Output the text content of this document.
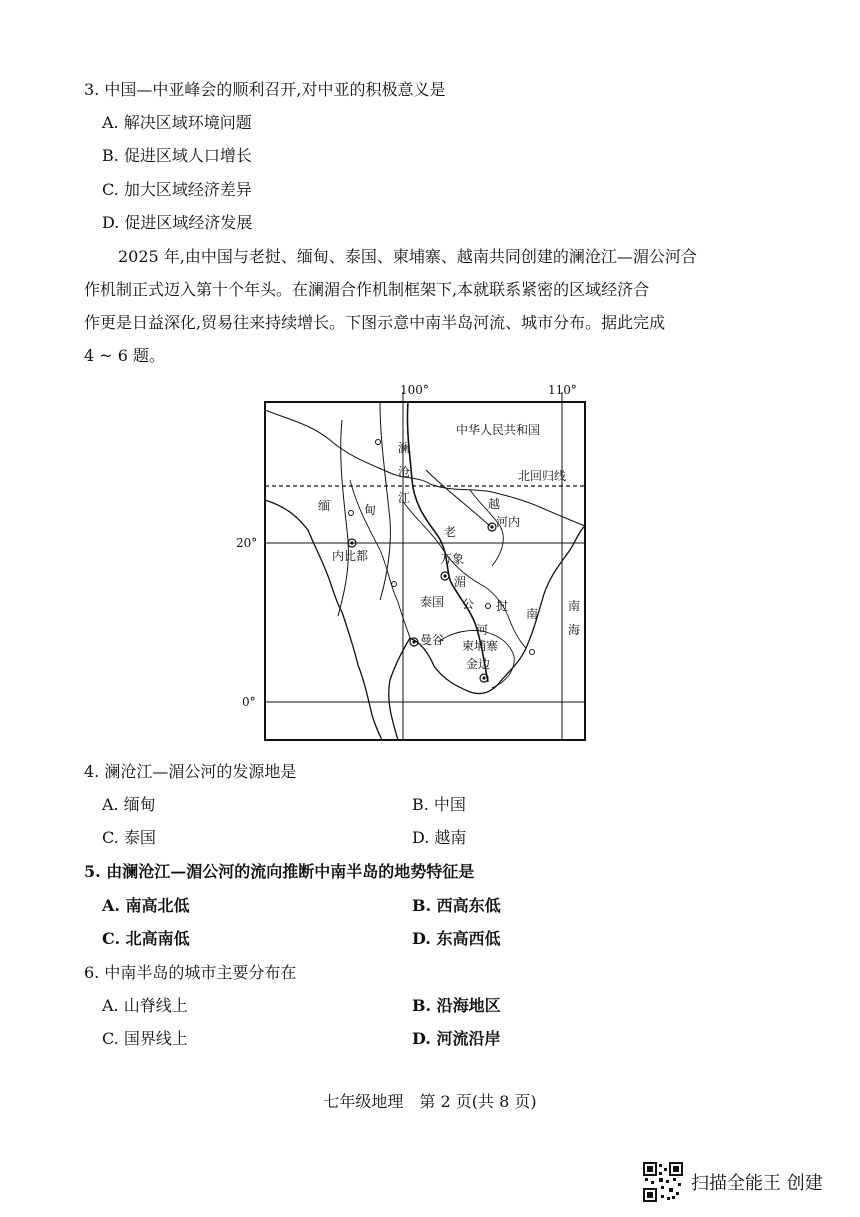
3. 中国—中亚峰会的顺利召开,对中亚的积极意义是
A. 解决区域环境问题
B. 促进区域人口增长
C. 加大区域经济差异
D. 促进区域经济发展
2025 年,由中国与老挝、缅甸、泰国、柬埔寨、越南共同创建的澜沧江—湄公河合
作机制正式迈入第十个年头。在澜湄合作机制框架下,本就联系紧密的区域经济合
作更是日益深化,贸易往来持续增长。下图示意中南半岛河流、城市分布。据此完成
4 ~ 6 题。
100°	110°
20°
0°
中华人民共和国
北回归线
澜
沧
江
缅	甸	越
老
内比都	万象
湄
泰国 公 挝
南
南
海
河
曼谷 柬埔寨
金边
河内
4. 澜沧江—湄公河的发源地是
A. 缅甸	B. 中国
C. 泰国	D. 越南
5. 由澜沧江—湄公河的流向推断中南半岛的地势特征是
A. 南高北低	B. 西高东低
C. 北高南低	D. 东高西低
6. 中南半岛的城市主要分布在
A. 山脊线上	B. 沿海地区
C. 国界线上	D. 河流沿岸
七年级地理　第 2 页(共 8 页)
扫描全能王 创建
